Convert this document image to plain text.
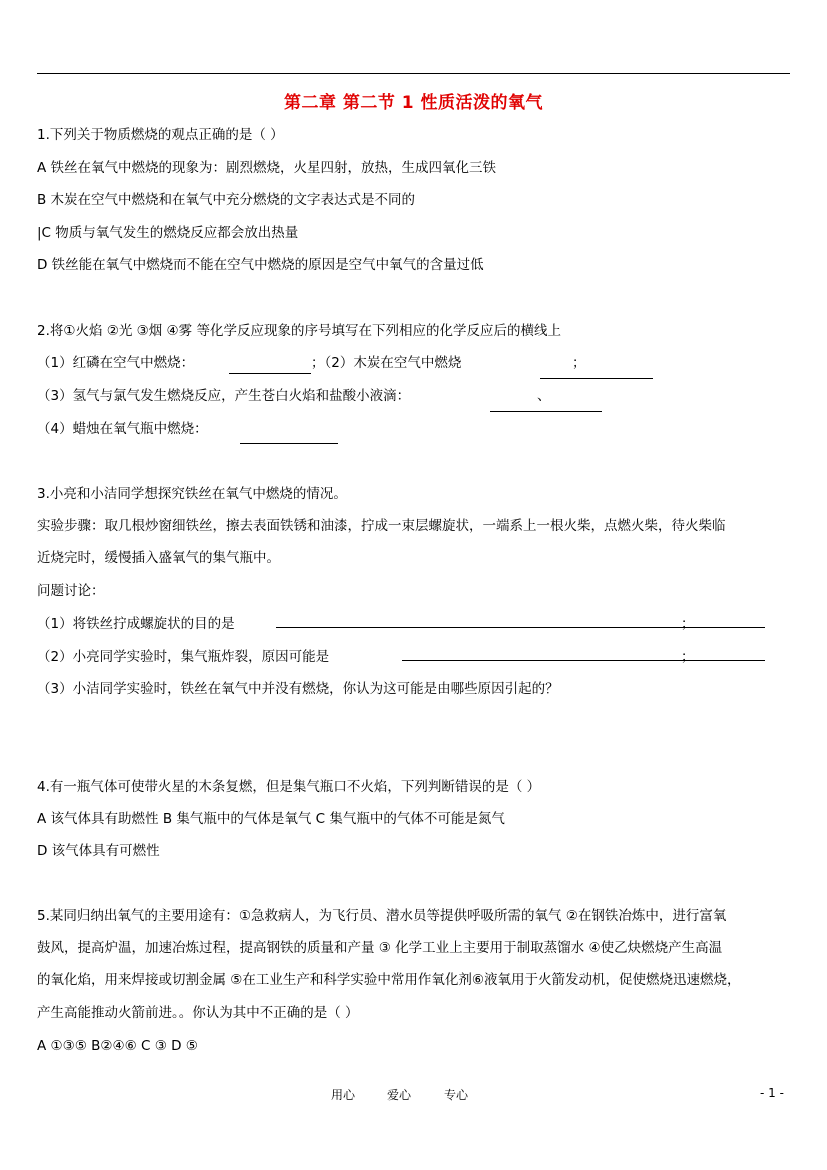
第二章 第二节 1 性质活泼的氧气
1.下列关于物质燃烧的观点正确的是（ ）
A 铁丝在氧气中燃烧的现象为：剧烈燃烧，火星四射，放热，生成四氧化三铁
B 木炭在空气中燃烧和在氧气中充分燃烧的文字表达式是不同的
|C 物质与氧气发生的燃烧反应都会放出热量
D 铁丝能在氧气中燃烧而不能在空气中燃烧的原因是空气中氧气的含量过低
2.将①火焰 ②光 ③烟 ④雾 等化学反应现象的序号填写在下列相应的化学反应后的横线上
（1）红磷在空气中燃烧：	；（2）木炭在空气中燃烧	；
（3）氢气与氯气发生燃烧反应，产生苍白火焰和盐酸小液滴：	、
（4）蜡烛在氧气瓶中燃烧：
3.小亮和小洁同学想探究铁丝在氧气中燃烧的情况。
实验步骤：取几根炒窗细铁丝，擦去表面铁锈和油漆，拧成一束层螺旋状，一端系上一根火柴，点燃火柴，待火柴临
近烧完时，缓慢插入盛氧气的集气瓶中。
问题讨论：
（1）将铁丝拧成螺旋状的目的是	；
（2）小亮同学实验时，集气瓶炸裂，原因可能是	；
（3）小洁同学实验时，铁丝在氧气中并没有燃烧，你认为这可能是由哪些原因引起的？
4.有一瓶气体可使带火星的木条复燃，但是集气瓶口不火焰，下列判断错误的是（ ）
A 该气体具有助燃性 B 集气瓶中的气体是氧气 C 集气瓶中的气体不可能是氮气
D 该气体具有可燃性
5.某同归纳出氧气的主要用途有：①急救病人，为飞行员、潜水员等提供呼吸所需的氧气 ②在钢铁冶炼中，进行富氧
鼓风，提高炉温，加速冶炼过程，提高钢铁的质量和产量 ③ 化学工业上主要用于制取蒸馏水 ④使乙炔燃烧产生高温
的氧化焰，用来焊接或切割金属 ⑤在工业生产和科学实验中常用作氧化剂⑥液氧用于火箭发动机，促使燃烧迅速燃烧，
产生高能推动火箭前进。。你认为其中不正确的是（ ）
A ①③⑤ B②④⑥ C ③ D ⑤
用心	爱心	专心	- 1 -
